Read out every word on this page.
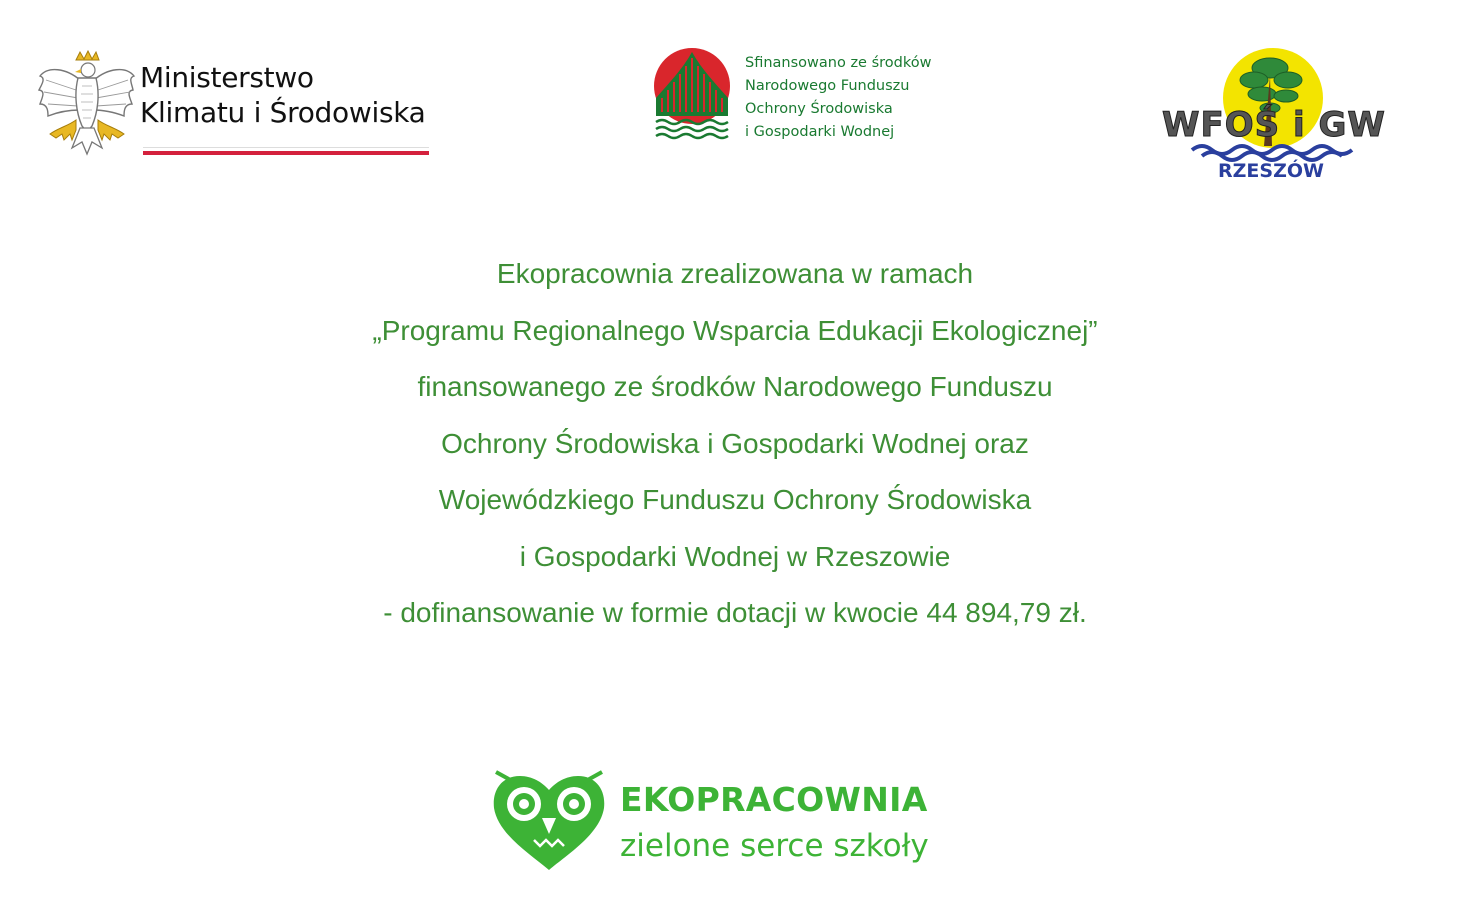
Ministerstwo
Klimatu i Środowiska
Sfinansowano ze środków
Narodowego Funduszu
Ochrony Środowiska
i Gospodarki Wodnej	WFOŚ i GW
RZESZÓW
Ekopracownia zrealizowana w ramach
„Programu Regionalnego Wsparcia Edukacji Ekologicznej”
finansowanego ze środków Narodowego Funduszu
Ochrony Środowiska i Gospodarki Wodnej oraz
Wojewódzkiego Funduszu Ochrony Środowiska
i Gospodarki Wodnej w Rzeszowie
- dofinansowanie w formie dotacji w kwocie 44 894,79 zł.
EKOPRACOWNIA
zielone serce szkoły
